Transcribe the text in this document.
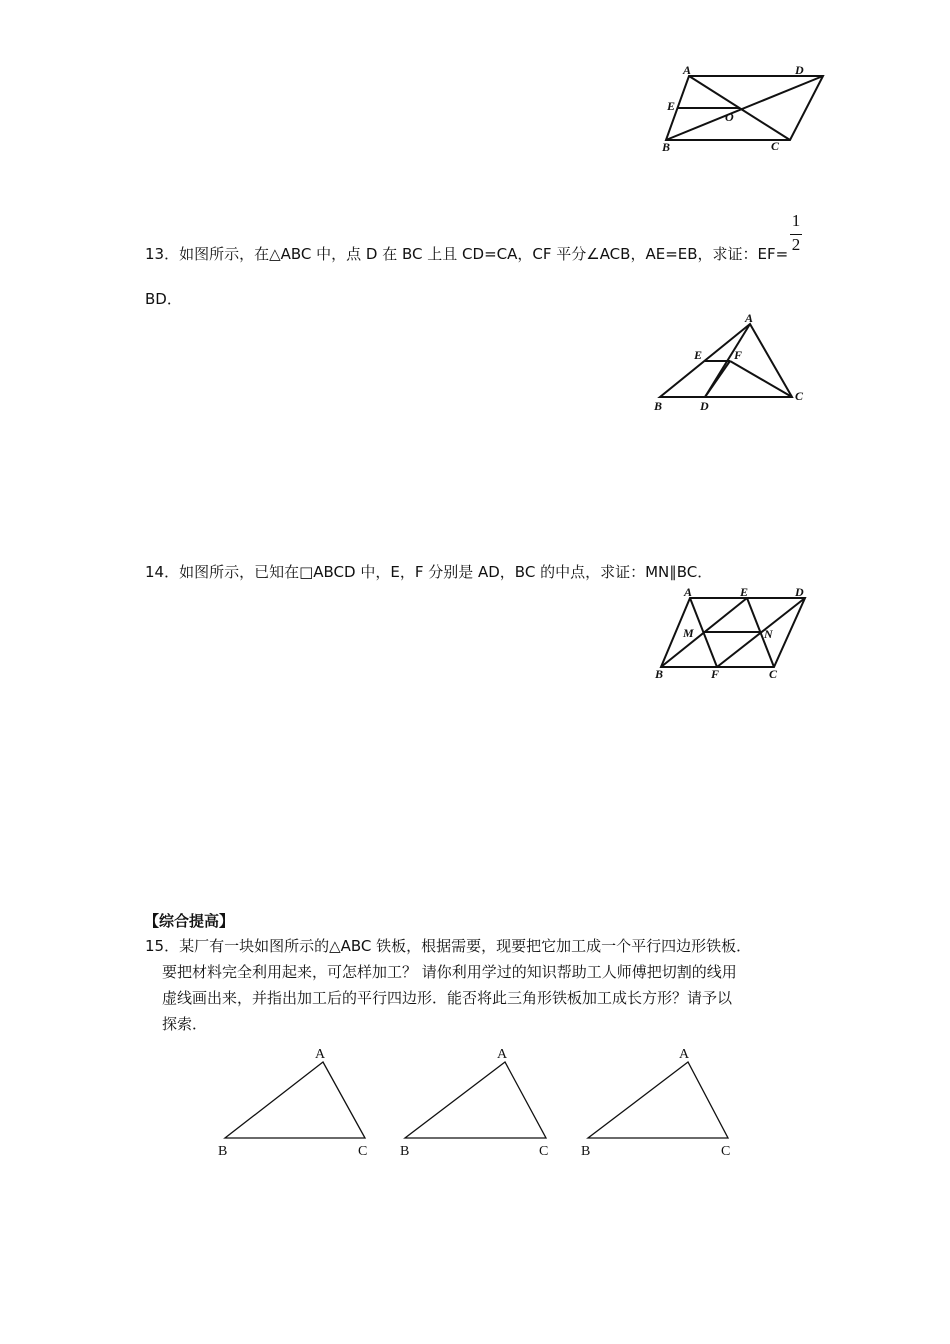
A	D
E
O
B	C
13．如图所示，在△ABC 中，点 D 在 BC 上且 CD=CA，CF 平分∠ACB，AE=EB，求证：EF=
1
2
BD．
A
E	F
B	D
C
14．如图所示，已知在□ABCD 中，E，F 分别是 AD，BC 的中点，求证：MN∥BC．
A	E	D
M	N
B	F	C
【综合提高】
15．某厂有一块如图所示的△ABC 铁板，根据需要，现要把它加工成一个平行四边形铁板．
要把材料完全利用起来，可怎样加工？ 请你利用学过的知识帮助工人师傅把切割的线用
虚线画出来，并指出加工后的平行四边形．能否将此三角形铁板加工成长方形？请予以
探索．
A
B	C
A
B	C
A
B	C
